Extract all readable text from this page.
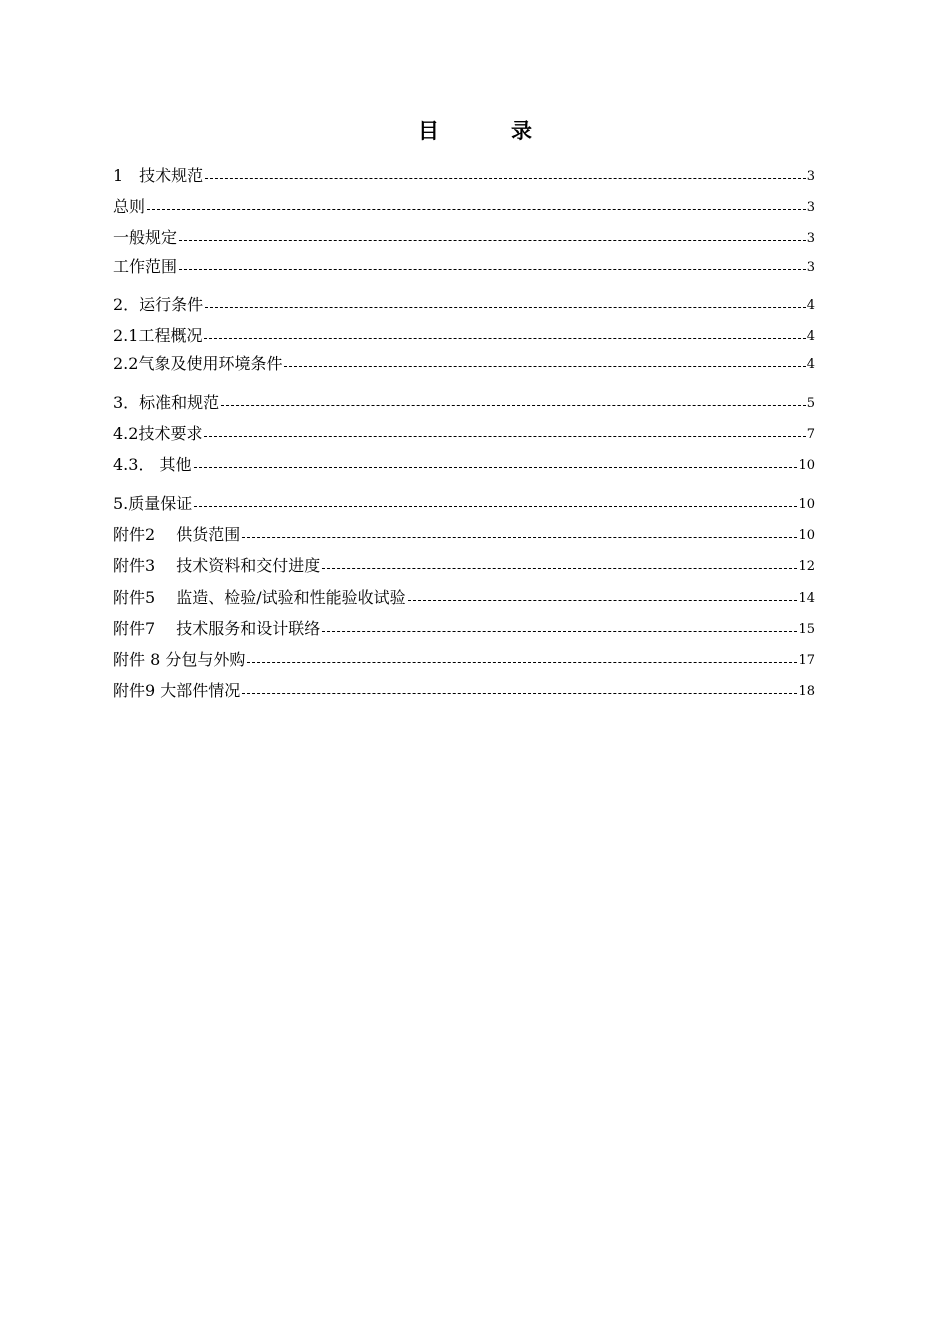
目	录
1　技术规范	3
总则	3
一般规定	3
工作范围	3
2．运行条件	4
2.1工程概况	4
2.2气象及使用环境条件	4
3．标准和规范	5
4.2技术要求	7
4.3． 其他	10
5.质量保证	10
附件2　 供货范围	10
附件3　 技术资料和交付进度	12
附件5　 监造、检验/试验和性能验收试验	14
附件7　 技术服务和设计联络	15
附件 8 分包与外购	17
附件9 大部件情况	18
